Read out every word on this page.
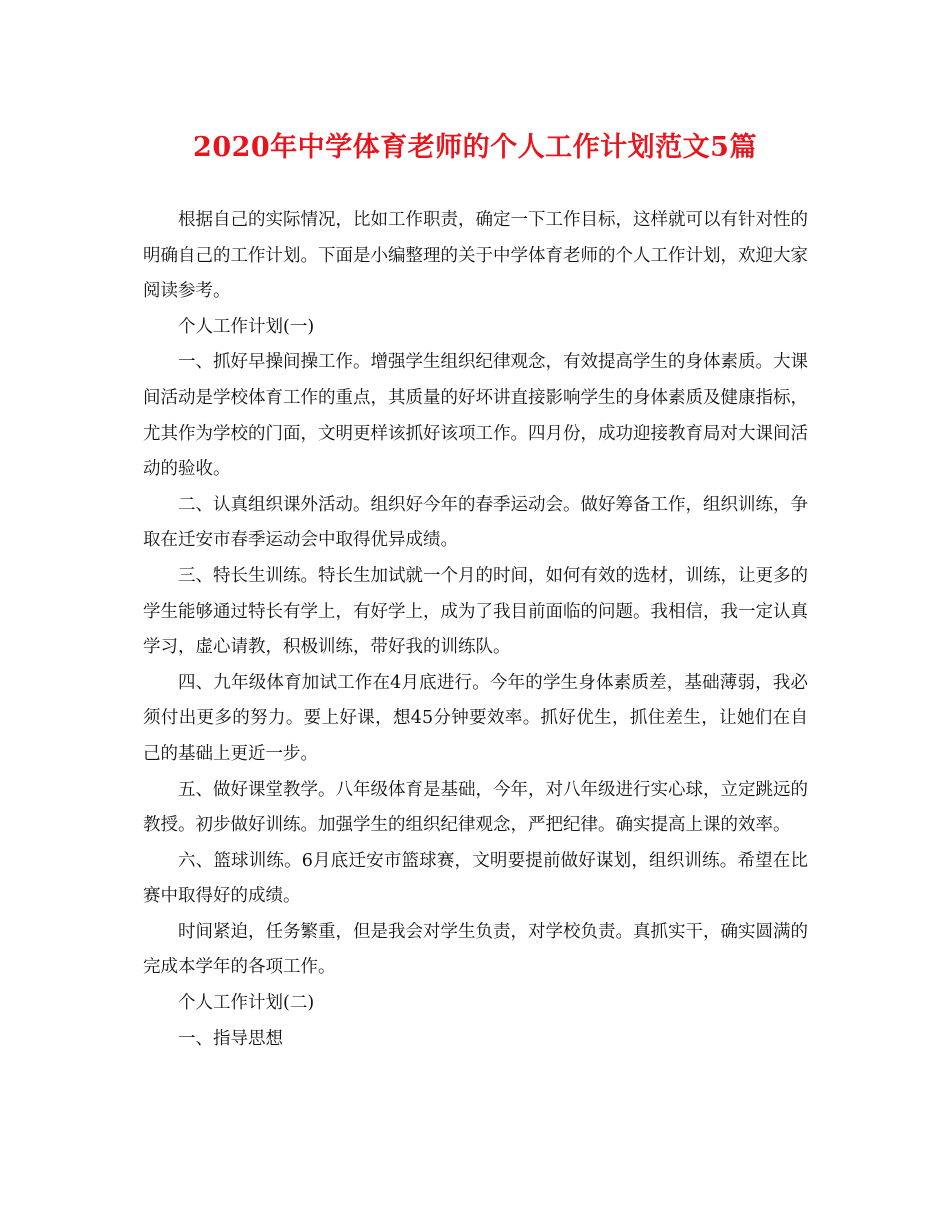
2020年中学体育老师的个人工作计划范文5篇

根据自己的实际情况，比如工作职责，确定一下工作目标，这样就可以有针对性的明确自己的工作计划。下面是小编整理的关于中学体育老师的个人工作计划，欢迎大家阅读参考。

个人工作计划(一)

一、抓好早操间操工作。增强学生组织纪律观念，有效提高学生的身体素质。大课间活动是学校体育工作的重点，其质量的好坏讲直接影响学生的身体素质及健康指标，尤其作为学校的门面，文明更样该抓好该项工作。四月份，成功迎接教育局对大课间活动的验收。

二、认真组织课外活动。组织好今年的春季运动会。做好筹备工作，组织训练，争取在迁安市春季运动会中取得优异成绩。

三、特长生训练。特长生加试就一个月的时间，如何有效的选材，训练，让更多的学生能够通过特长有学上，有好学上，成为了我目前面临的问题。我相信，我一定认真学习，虚心请教，积极训练，带好我的训练队。

四、九年级体育加试工作在4月底进行。今年的学生身体素质差，基础薄弱，我必须付出更多的努力。要上好课，想45分钟要效率。抓好优生，抓住差生，让她们在自己的基础上更近一步。

五、做好课堂教学。八年级体育是基础，今年，对八年级进行实心球，立定跳远的教授。初步做好训练。加强学生的组织纪律观念，严把纪律。确实提高上课的效率。

六、篮球训练。6月底迁安市篮球赛，文明要提前做好谋划，组织训练。希望在比赛中取得好的成绩。

时间紧迫，任务繁重，但是我会对学生负责，对学校负责。真抓实干，确实圆满的完成本学年的各项工作。

个人工作计划(二)

一、指导思想
